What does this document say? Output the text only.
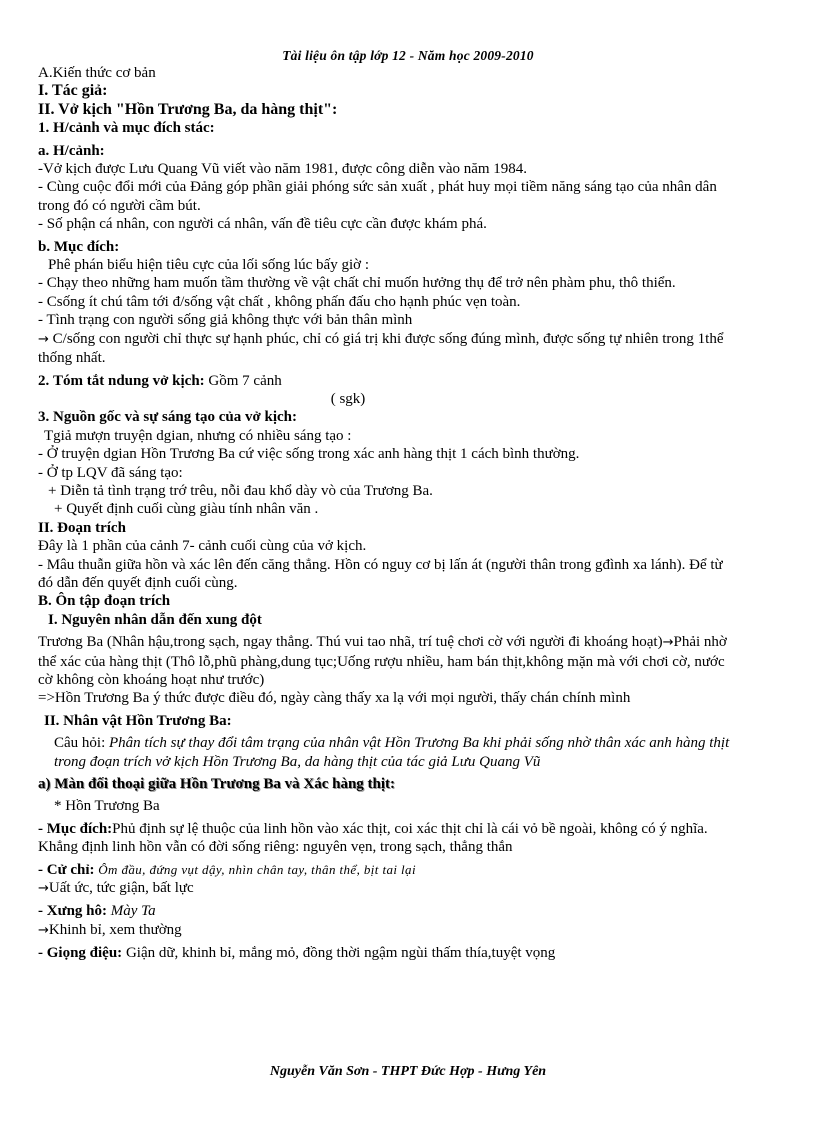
Tài liệu ôn tập lớp 12 - Năm học 2009-2010

A.Kiến thức cơ bản

I. Tác giả:

II. Vở kịch "Hồn Trương Ba, da hàng thịt":

1. H/cảnh và mục đích stác:

a. H/cảnh:

-Vở kịch được Lưu Quang Vũ viết vào năm 1981, được công diễn vào năm 1984.

- Cùng cuộc đổi mới của Đảng góp phần giải phóng sức sản xuất , phát huy mọi tiềm năng sáng tạo của nhân dân trong đó có người cầm bút.

- Số phận cá nhân, con người cá nhân, vấn đề tiêu cực cần được khám phá.

b. Mục đích:

Phê phán biểu hiện tiêu cực của lối sống lúc bấy giờ :

- Chạy theo những ham muốn tầm thường về vật chất chỉ muốn hưởng thụ để trở nên phàm phu, thô thiển.

- Csống ít chú tâm tới đ/sống vật chất , không phấn đấu cho hạnh phúc vẹn toàn.

- Tình trạng con người sống giả không thực với bản thân mình

→ C/sống con người chỉ thực sự hạnh phúc, chỉ có giá trị khi được sống đúng mình, được sống tự nhiên trong 1thể thống nhất.

2. Tóm tắt ndung vở kịch: Gồm 7 cảnh

( sgk)

3. Nguồn gốc và sự sáng tạo của vở kịch:

Tgiả mượn truyện dgian, nhưng có nhiều sáng tạo :

- Ở truyện dgian Hồn Trương Ba cứ việc sống trong xác anh hàng thịt 1 cách bình thường.

- Ở tp LQV đã sáng tạo:

+ Diễn tả tình trạng trớ trêu, nỗi đau khổ dày vò của Trương Ba.

+ Quyết định cuối cùng giàu tính nhân văn .

II. Đoạn trích

Đây là 1 phần của cảnh 7- cảnh cuối cùng của vở kịch.

- Mâu thuẫn giữa hồn và xác lên đến căng thẳng. Hồn có nguy cơ bị lấn át (người thân trong gđình xa lánh). Để từ đó dẫn đến quyết định cuối cùng.

B. Ôn tập đoạn trích

I. Nguyên nhân dẫn đến xung đột

Trương Ba (Nhân hậu,trong sạch, ngay thẳng. Thú vui tao nhã, trí tuệ chơi cờ với người đi khoáng hoạt)→Phải nhờ thể xác của hàng thịt (Thô lỗ,phũ phàng,dung tục;Uống rượu nhiều, ham bán thịt,không mặn mà với chơi cờ, nước cờ không còn khoáng hoạt như trước)

=>Hồn Trương Ba ý thức được điều đó, ngày càng thấy xa lạ với mọi người, thấy chán chính mình

II. Nhân vật Hồn Trương Ba:

Câu hỏi: Phân tích sự thay đổi tâm trạng của nhân vật Hồn Trương Ba khi phải sống nhờ thân xác anh hàng thịt trong đoạn trích vở kịch Hồn Trương Ba, da hàng thịt của tác giả Lưu Quang Vũ

a) Màn đối thoại giữa Hồn Trương Ba và Xác hàng thịt:

* Hồn Trương Ba

- Mục đích:Phủ định sự lệ thuộc của linh hồn vào xác thịt, coi xác thịt chỉ là cái vỏ bề ngoài, không có ý nghĩa. Khẳng định linh hồn vẫn có đời sống riêng: nguyên vẹn, trong sạch, thẳng thắn

- Cử chỉ: Ôm đầu, đứng vụt dậy, nhìn chân tay, thân thể, bịt tai lại

→Uất ức, tức giận, bất lực

- Xưng hô: Mày Ta

→Khinh bỉ, xem thường

- Giọng điệu: Giận dữ, khinh bỉ, mắng mỏ, đồng thời ngậm ngùi thấm thía,tuyệt vọng

Nguyễn Văn Sơn - THPT Đức Hợp - Hưng Yên
